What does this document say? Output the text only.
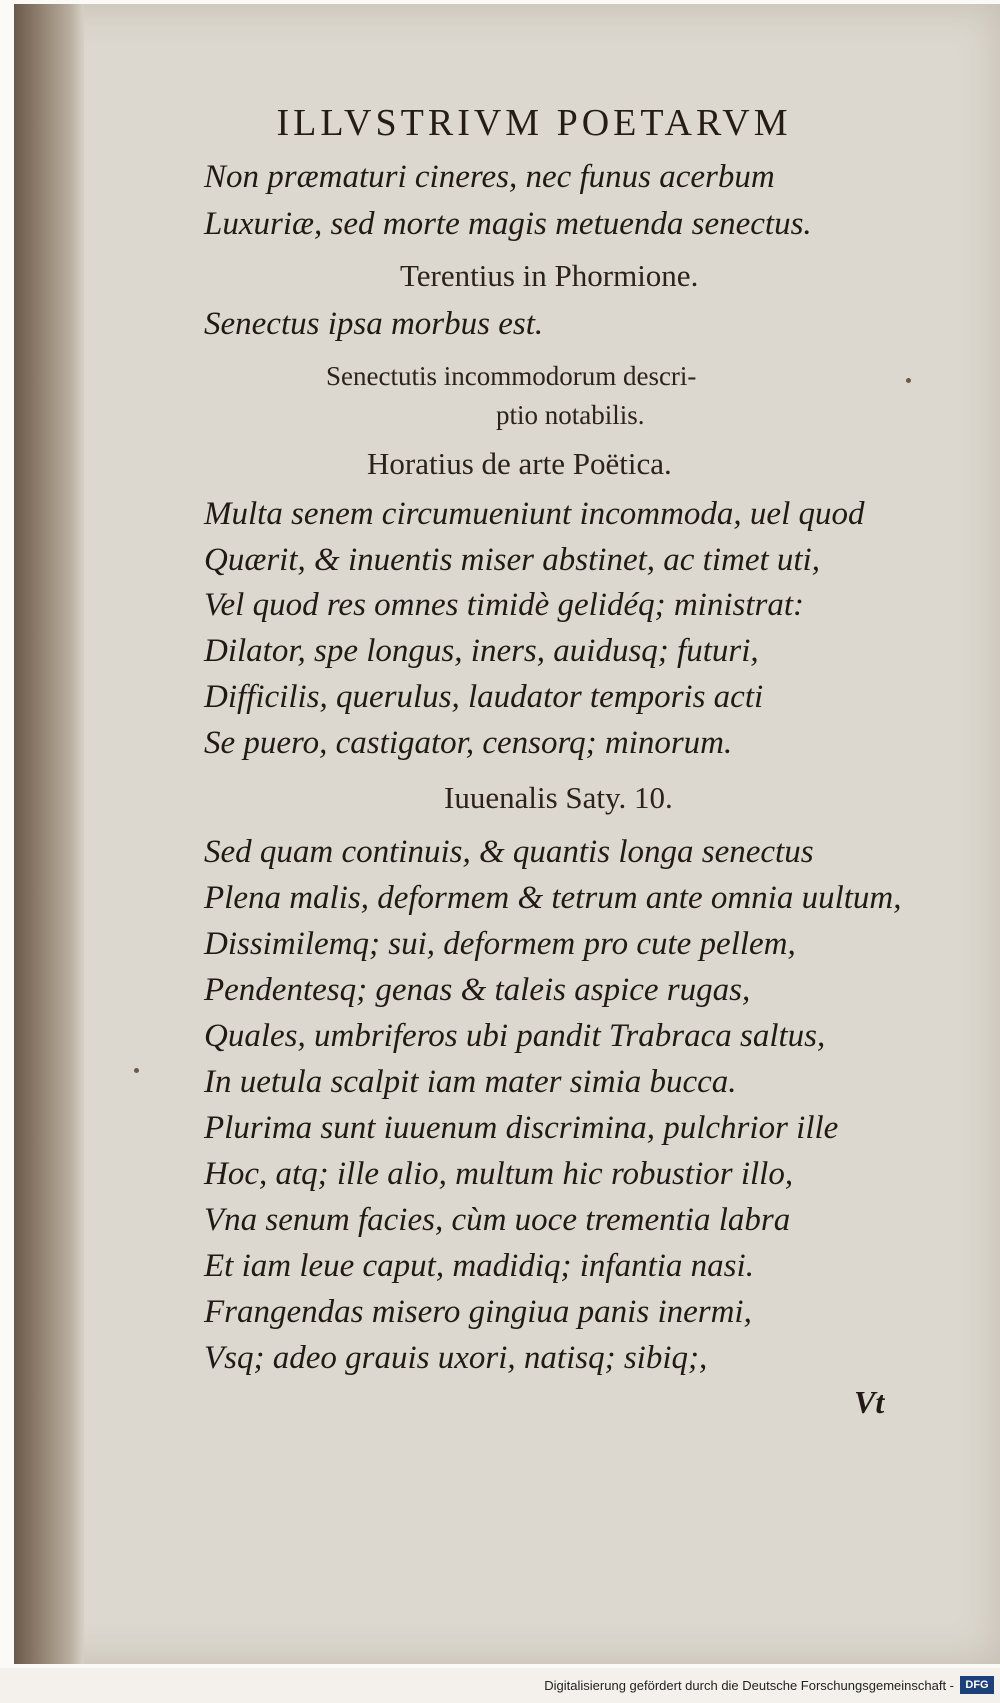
ILLVSTRIVM POETARVM
Non præmaturi cineres, nec funus acerbum
Luxuriæ, sed morte magis metuenda senectus.
Terentius in Phormione.
Senectus ipsa morbus est.
Senectutis incommodorum descri-
ptio notabilis.
Horatius de arte Poëtica.
Multa senem circumueniunt incommoda, uel quod
Quærit, & inuentis miser abstinet, ac timet uti,
Vel quod res omnes timidè gelidéq; ministrat:
Dilator, spe longus, iners, auidusq; futuri,
Difficilis, querulus, laudator temporis acti
Se puero, castigator, censorq; minorum.
Iuuenalis Saty. 10.
Sed quam continuis, & quantis longa senectus
Plena malis, deformem & tetrum ante omnia uultum,
Dissimilemq; sui, deformem pro cute pellem,
Pendentesq; genas & taleis aspice rugas,
Quales, umbriferos ubi pandit Trabraca saltus,
In uetula scalpit iam mater simia bucca.
Plurima sunt iuuenum discrimina, pulchrior ille
Hoc, atq; ille alio, multum hic robustior illo,
Vna senum facies, cùm uoce trementia labra
Et iam leue caput, madidiq; infantia nasi.
Frangendas misero gingiua panis inermi,
Vsq; adeo grauis uxori, natisq; sibiq;,
Vt
Digitalisierung gefördert durch die Deutsche Forschungsgemeinschaft -	DFG
